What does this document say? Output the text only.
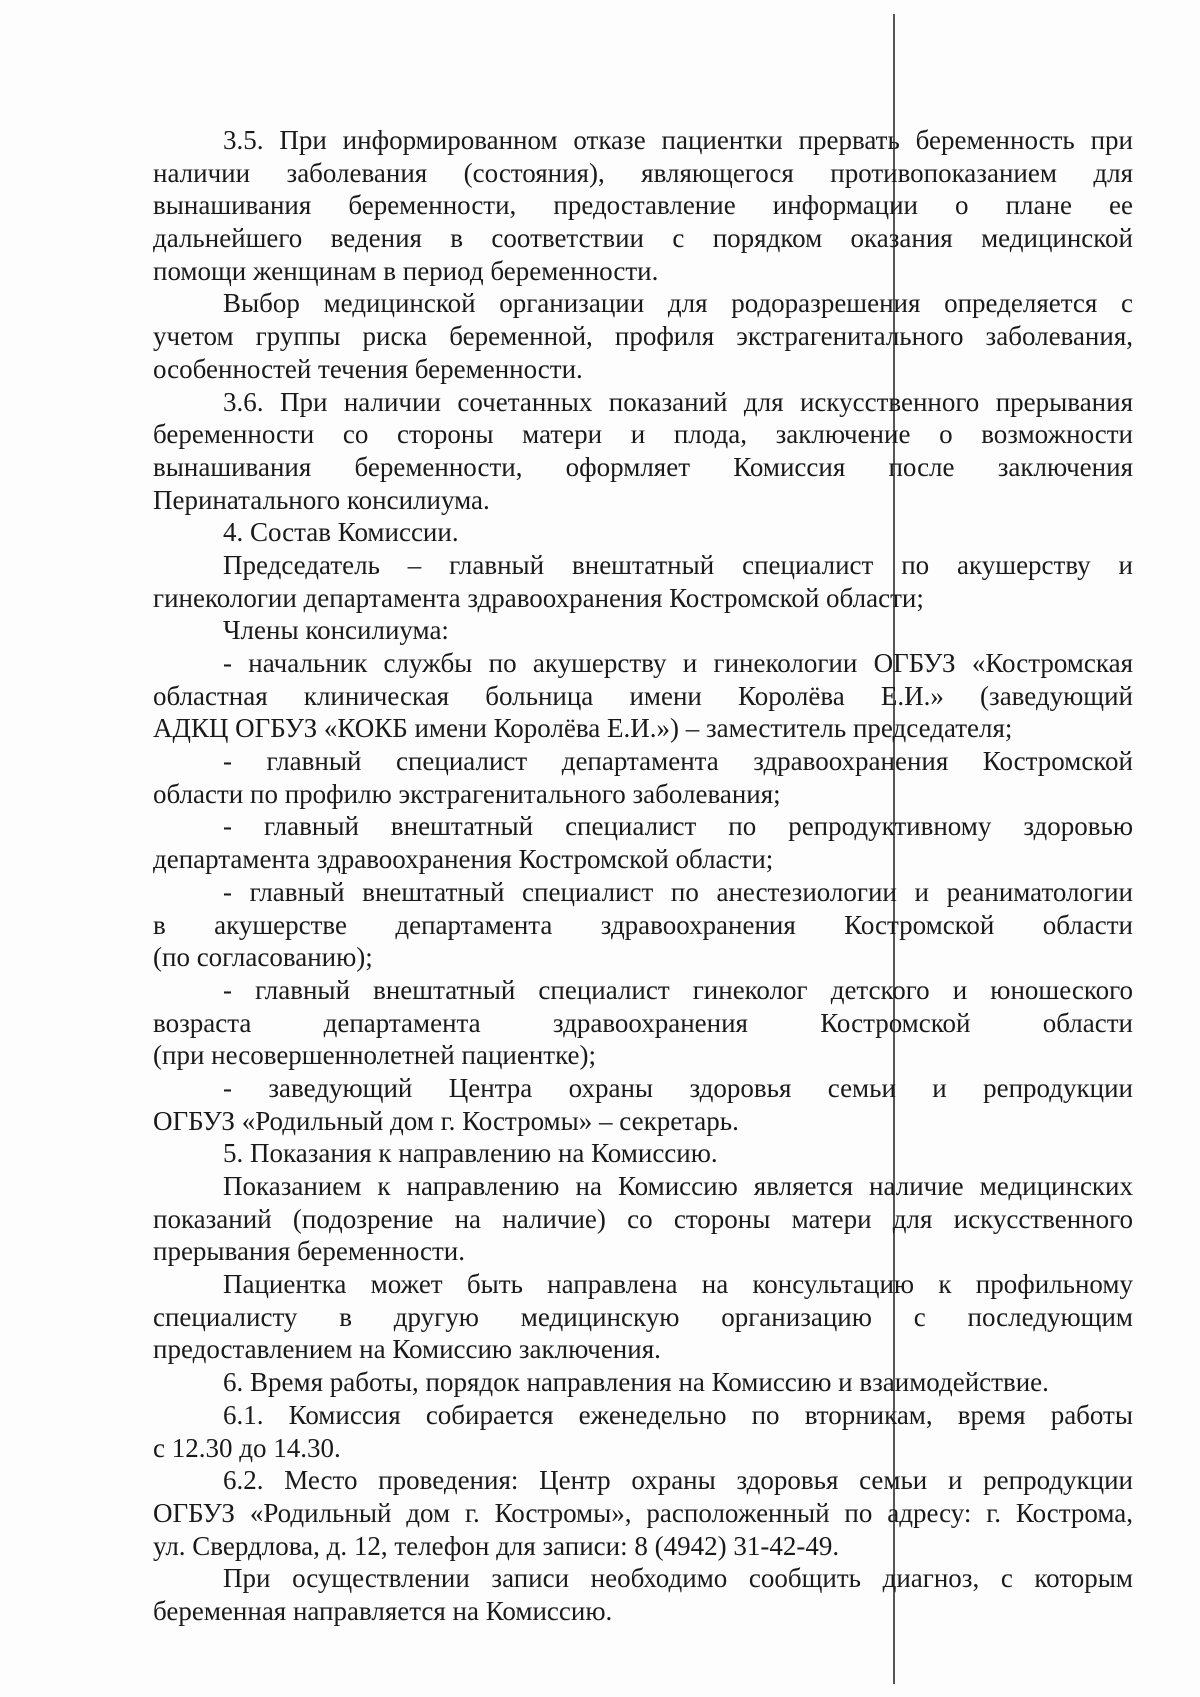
3.5. При информированном отказе пациентки прервать беременность при
наличии заболевания (состояния), являющегося противопоказанием для
вынашивания беременности, предоставление информации о плане ее
дальнейшего ведения в соответствии с порядком оказания медицинской
помощи женщинам в период беременности.
Выбор медицинской организации для родоразрешения определяется с
учетом группы риска беременной, профиля экстрагенитального заболевания,
особенностей течения беременности.
3.6. При наличии сочетанных показаний для искусственного прерывания
беременности со стороны матери и плода, заключение о возможности
вынашивания беременности, оформляет Комиссия после заключения
Перинатального консилиума.
4. Состав Комиссии.
Председатель – главный внештатный специалист по акушерству и
гинекологии департамента здравоохранения Костромской области;
Члены консилиума:
- начальник службы по акушерству и гинекологии ОГБУЗ «Костромская
областная клиническая больница имени Королёва Е.И.» (заведующий
АДКЦ ОГБУЗ «КОКБ имени Королёва Е.И.») – заместитель председателя;
- главный специалист департамента здравоохранения Костромской
области по профилю экстрагенитального заболевания;
- главный внештатный специалист по репродуктивному здоровью
департамента здравоохранения Костромской области;
- главный внештатный специалист по анестезиологии и реаниматологии
в акушерстве департамента здравоохранения Костромской области
(по согласованию);
- главный внештатный специалист гинеколог детского и юношеского
возраста департамента здравоохранения Костромской области
(при несовершеннолетней пациентке);
- заведующий Центра охраны здоровья семьи и репродукции
ОГБУЗ «Родильный дом г. Костромы» – секретарь.
5. Показания к направлению на Комиссию.
Показанием к направлению на Комиссию является наличие медицинских
показаний (подозрение на наличие) со стороны матери для искусственного
прерывания беременности.
Пациентка может быть направлена на консультацию к профильному
специалисту в другую медицинскую организацию с последующим
предоставлением на Комиссию заключения.
6. Время работы, порядок направления на Комиссию и взаимодействие.
6.1. Комиссия собирается еженедельно по вторникам, время работы
с 12.30 до 14.30.
6.2. Место проведения: Центр охраны здоровья семьи и репродукции
ОГБУЗ «Родильный дом г. Костромы», расположенный по адресу: г. Кострома,
ул. Свердлова, д. 12, телефон для записи: 8 (4942) 31-42-49.
При осуществлении записи необходимо сообщить диагноз, с которым
беременная направляется на Комиссию.
